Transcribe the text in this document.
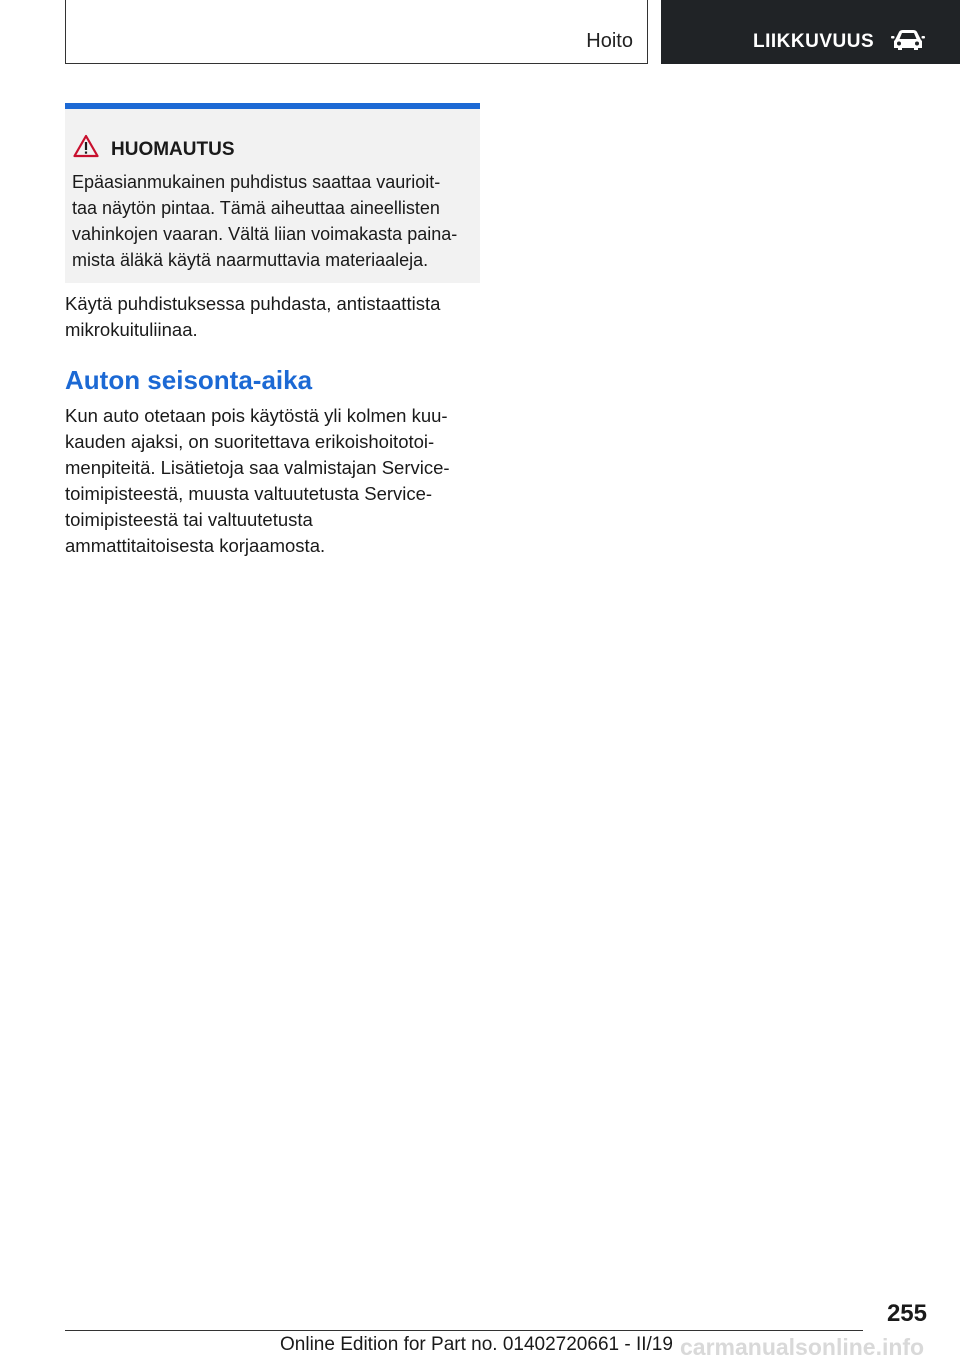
Hoito	LIIKKUVUUS
HUOMAUTUS
Epäasianmukainen puhdistus saattaa vaurioit-
taa näytön pintaa. Tämä aiheuttaa aineellisten
vahinkojen vaaran. Vältä liian voimakasta paina-
mista äläkä käytä naarmuttavia materiaaleja.
Käytä puhdistuksessa puhdasta, antistaattista
mikrokuituliinaa.
Auton seisonta-aika
Kun auto otetaan pois käytöstä yli kolmen kuu-
kauden ajaksi, on suoritettava erikoishoitotoi-
menpiteitä. Lisätietoja saa valmistajan Service-
toimipisteestä, muusta valtuutetusta Service-
toimipisteestä tai valtuutetusta
ammattitaitoisesta korjaamosta.
255
Online Edition for Part no. 01402720661 - II/19 carmanualsonline.info
